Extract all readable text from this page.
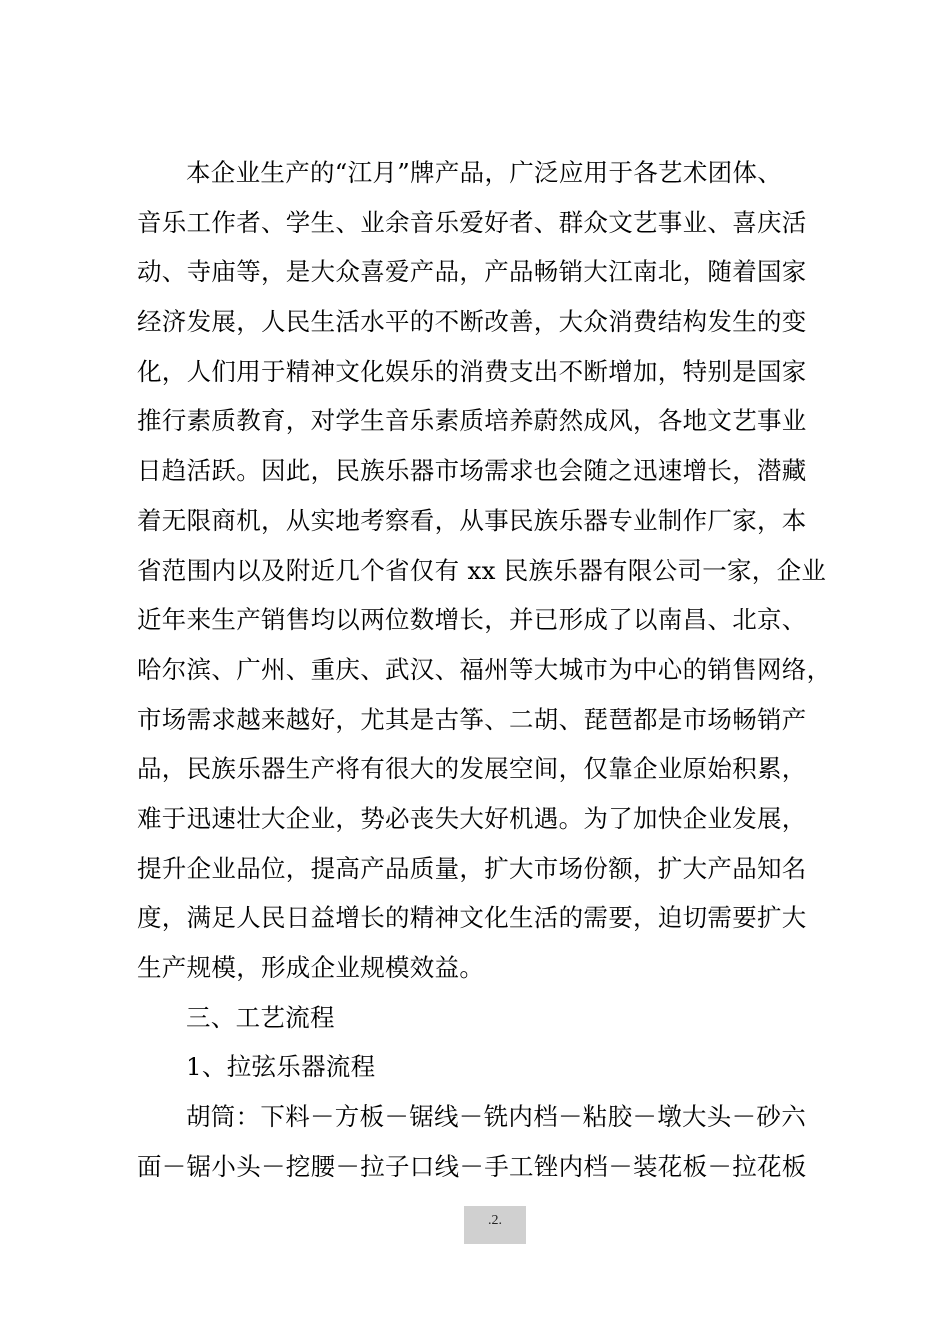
本企业生产的“江月”牌产品，广泛应用于各艺术团体、
音乐工作者、学生、业余音乐爱好者、群众文艺事业、喜庆活
动、寺庙等，是大众喜爱产品，产品畅销大江南北，随着国家
经济发展，人民生活水平的不断改善，大众消费结构发生的变
化，人们用于精神文化娱乐的消费支出不断增加，特别是国家
推行素质教育，对学生音乐素质培养蔚然成风，各地文艺事业
日趋活跃。因此，民族乐器市场需求也会随之迅速增长，潜藏
着无限商机，从实地考察看，从事民族乐器专业制作厂家，本
省范围内以及附近几个省仅有 xx 民族乐器有限公司一家，企业
近年来生产销售均以两位数增长，并已形成了以南昌、北京、
哈尔滨、广州、重庆、武汉、福州等大城市为中心的销售网络，
市场需求越来越好，尤其是古筝、二胡、琵琶都是市场畅销产
品，民族乐器生产将有很大的发展空间，仅靠企业原始积累，
难于迅速壮大企业，势必丧失大好机遇。为了加快企业发展，
提升企业品位，提高产品质量，扩大市场份额，扩大产品知名
度，满足人民日益增长的精神文化生活的需要，迫切需要扩大
生产规模，形成企业规模效益。
三、工艺流程
1、拉弦乐器流程
胡筒：下料－方板－锯线－铣内档－粘胶－墩大头－砂六
面－锯小头－挖腰－拉子口线－手工锉内档－装花板－拉花板
.2.
